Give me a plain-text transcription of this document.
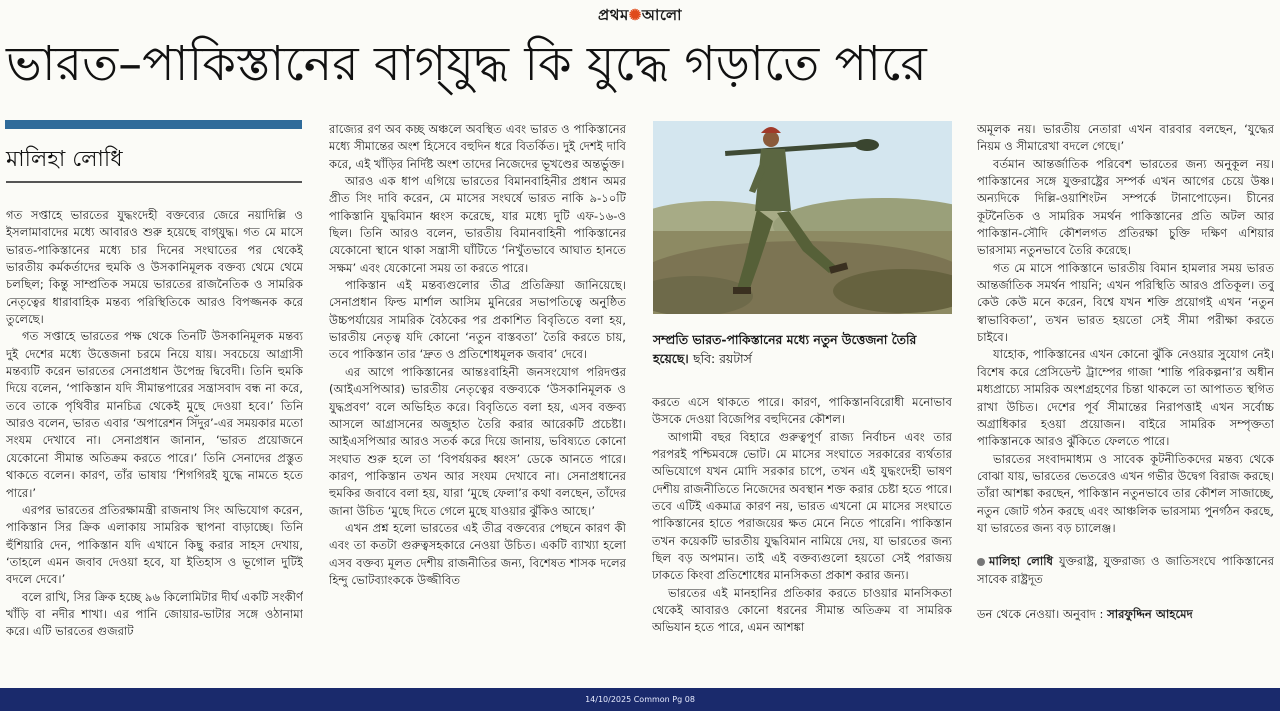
প্রথম✺আলো
ভারত–পাকিস্তানের বাগ্‌যুদ্ধ কি যুদ্ধে গড়াতে পারে
মালিহা লোধি

গত সপ্তাহে ভারতের যুদ্ধংদেহী বক্তব্যের জেরে নয়াদিল্লি ও ইসলামাবাদের মধ্যে আবারও শুরু হয়েছে বাগ্‌যুদ্ধ। গত মে মাসে ভারত-পাকিস্তানের মধ্যে চার দিনের সংঘাতের পর থেকেই ভারতীয় কর্মকর্তাদের হুমকি ও উসকানিমূলক বক্তব্য থেমে থেমে চলছিল; কিন্তু সাম্প্রতিক সময়ে ভারতের রাজনৈতিক ও সামরিক নেতৃত্বের ধারাবাহিক মন্তব্য পরিস্থিতিকে আরও বিপজ্জনক করে তুলেছে।

গত সপ্তাহে ভারতের পক্ষ থেকে তিনটি উসকানিমূলক মন্তব্য দুই দেশের মধ্যে উত্তেজনা চরমে নিয়ে যায়। সবচেয়ে আগ্রাসী মন্তব্যটি করেন ভারতের সেনাপ্রধান উপেন্দ্র দ্বিবেদী। তিনি হুমকি দিয়ে বলেন, ‘পাকিস্তান যদি সীমান্তপারের সন্ত্রাসবাদ বন্ধ না করে, তবে তাকে পৃথিবীর মানচিত্র থেকেই মুছে দেওয়া হবে।’ তিনি আরও বলেন, ভারত এবার ‘অপারেশন সিঁদুর’-এর সময়কার মতো সংযম দেখাবে না। সেনাপ্রধান জানান, ‘ভারত প্রয়োজনে যেকোনো সীমান্ত অতিক্রম করতে পারে।’ তিনি সেনাদের প্রস্তুত থাকতে বলেন। কারণ, তাঁর ভাষায় ‘শিগগিরই যুদ্ধে নামতে হতে পারে।’

এরপর ভারতের প্রতিরক্ষামন্ত্রী রাজনাথ সিং অভিযোগ করেন, পাকিস্তান সির ক্রিক এলাকায় সামরিক স্থাপনা বাড়াচ্ছে। তিনি হুঁশিয়ারি দেন, পাকিস্তান যদি এখানে কিছু করার সাহস দেখায়, ‘তাহলে এমন জবাব দেওয়া হবে, যা ইতিহাস ও ভূগোল দুটিই বদলে দেবে।’

বলে রাখি, সির ক্রিক হচ্ছে ৯৬ কিলোমিটার দীর্ঘ একটি সংকীর্ণ খাঁড়ি বা নদীর শাখা। এর পানি জোয়ার-ভাটার সঙ্গে ওঠানামা করে। এটি ভারতের গুজরাট

রাজ্যের রণ অব কচ্ছ অঞ্চলে অবস্থিত এবং ভারত ও পাকিস্তানের মধ্যে সীমান্তের অংশ হিসেবে বহুদিন ধরে বিতর্কিত। দুই দেশই দাবি করে, এই খাঁড়ির নির্দিষ্ট অংশ তাদের নিজেদের ভূখণ্ডের অন্তর্ভুক্ত।

আরও এক ধাপ এগিয়ে ভারতের বিমানবাহিনীর প্রধান অমর প্রীত সিং দাবি করেন, মে মাসের সংঘর্ষে ভারত নাকি ৯-১০টি পাকিস্তানি যুদ্ধবিমান ধ্বংস করেছে, যার মধ্যে দুটি এফ-১৬-ও ছিল। তিনি আরও বলেন, ভারতীয় বিমানবাহিনী পাকিস্তানের যেকোনো স্থানে থাকা সন্ত্রাসী ঘাঁটিতে ‘নিখুঁতভাবে আঘাত হানতে সক্ষম’ এবং যেকোনো সময় তা করতে পারে।

পাকিস্তান এই মন্তব্যগুলোর তীব্র প্রতিক্রিয়া জানিয়েছে। সেনাপ্রধান ফিল্ড মার্শাল আসিম মুনিরের সভাপতিত্বে অনুষ্ঠিত উচ্চপর্যায়ের সামরিক বৈঠকের পর প্রকাশিত বিবৃতিতে বলা হয়, ভারতীয় নেতৃত্ব যদি কোনো ‘নতুন বাস্তবতা’ তৈরি করতে চায়, তবে পাকিস্তান তার ‘দ্রুত ও প্রতিশোধমূলক জবাব’ দেবে।

এর আগে পাকিস্তানের আন্তঃবাহিনী জনসংযোগ পরিদপ্তর (আইএসপিআর) ভারতীয় নেতৃত্বের বক্তব্যকে ‘উসকানিমূলক ও যুদ্ধপ্রবণ’ বলে অভিহিত করে। বিবৃতিতে বলা হয়, এসব বক্তব্য আসলে আগ্রাসনের অজুহাত তৈরি করার আরেকটি প্রচেষ্টা। আইএসপিআর আরও সতর্ক করে দিয়ে জানায়, ভবিষ্যতে কোনো সংঘাত শুরু হলে তা ‘বিপর্যয়কর ধ্বংস’ ডেকে আনতে পারে। কারণ, পাকিস্তান তখন আর সংযম দেখাবে না। সেনাপ্রধানের হুমকির জবাবে বলা হয়, যারা ‘মুছে ফেলা’র কথা বলছেন, তাঁদের জানা উচিত ‘মুছে দিতে গেলে মুছে যাওয়ার ঝুঁকিও আছে।’

এখন প্রশ্ন হলো ভারতের এই তীব্র বক্তব্যের পেছনে কারণ কী এবং তা কতটা গুরুত্বসহকারে নেওয়া উচিত। একটি ব্যাখ্যা হলো এসব বক্তব্য মূলত দেশীয় রাজনীতির জন্য, বিশেষত শাসক দলের হিন্দু ভোটব্যাংককে উজ্জীবিত

সম্প্রতি ভারত-পাকিস্তানের মধ্যে নতুন উত্তেজনা তৈরি হয়েছে। ছবি: রয়টার্স

করতে এসে থাকতে পারে। কারণ, পাকিস্তানবিরোধী মনোভাব উসকে দেওয়া বিজেপির বহুদিনের কৌশল।

আগামী বছর বিহারে গুরুত্বপূর্ণ রাজ্য নির্বাচন এবং তার পরপরই পশ্চিমবঙ্গে ভোট। মে মাসের সংঘাতে সরকারের ব্যর্থতার অভিযোগে যখন মোদি সরকার চাপে, তখন এই যুদ্ধংদেহী ভাষণ দেশীয় রাজনীতিতে নিজেদের অবস্থান শক্ত করার চেষ্টা হতে পারে। তবে এটিই একমাত্র কারণ নয়, ভারত এখনো মে মাসের সংঘাতে পাকিস্তানের হাতে পরাজয়ের ক্ষত মেনে নিতে পারেনি। পাকিস্তান তখন কয়েকটি ভারতীয় যুদ্ধবিমান নামিয়ে দেয়, যা ভারতের জন্য ছিল বড় অপমান। তাই এই বক্তব্যগুলো হয়তো সেই পরাজয় ঢাকতে কিংবা প্রতিশোধের মানসিকতা প্রকাশ করার জন্য।

ভারতের এই মানহানির প্রতিকার করতে চাওয়ার মানসিকতা থেকেই আবারও কোনো ধরনের সীমান্ত অতিক্রম বা সামরিক অভিযান হতে পারে, এমন আশঙ্কা

অমূলক নয়। ভারতীয় নেতারা এখন বারবার বলছেন, ‘যুদ্ধের নিয়ম ও সীমারেখা বদলে গেছে।’

বর্তমান আন্তর্জাতিক পরিবেশ ভারতের জন্য অনুকূল নয়। পাকিস্তানের সঙ্গে যুক্তরাষ্ট্রের সম্পর্ক এখন আগের চেয়ে উষ্ণ। অন্যদিকে দিল্লি-ওয়াশিংটন সম্পর্কে টানাপোড়েন। চীনের কূটনৈতিক ও সামরিক সমর্থন পাকিস্তানের প্রতি অটল আর পাকিস্তান-সৌদি কৌশলগত প্রতিরক্ষা চুক্তি দক্ষিণ এশিয়ার ভারসাম্য নতুনভাবে তৈরি করেছে।

গত মে মাসে পাকিস্তানে ভারতীয় বিমান হামলার সময় ভারত আন্তর্জাতিক সমর্থন পায়নি; এখন পরিস্থিতি আরও প্রতিকূল। তবু কেউ কেউ মনে করেন, বিশ্বে যখন শক্তি প্রয়োগই এখন ‘নতুন স্বাভাবিকতা’, তখন ভারত হয়তো সেই সীমা পরীক্ষা করতে চাইবে।

যাহোক, পাকিস্তানের এখন কোনো ঝুঁকি নেওয়ার সুযোগ নেই। বিশেষ করে প্রেসিডেন্ট ট্রাম্পের গাজা ‘শান্তি পরিকল্পনা’র অধীন মধ্যপ্রাচ্যে সামরিক অংশগ্রহণের চিন্তা থাকলে তা আপাতত স্থগিত রাখা উচিত। দেশের পূর্ব সীমান্তের নিরাপত্তাই এখন সর্বোচ্চ অগ্রাধিকার হওয়া প্রয়োজন। বাইরে সামরিক সম্পৃক্ততা পাকিস্তানকে আরও ঝুঁকিতে ফেলতে পারে।

ভারতের সংবাদমাধ্যম ও সাবেক কূটনীতিকদের মন্তব্য থেকে বোঝা যায়, ভারতের ভেতরেও এখন গভীর উদ্বেগ বিরাজ করছে। তাঁরা আশঙ্কা করছেন, পাকিস্তান নতুনভাবে তার কৌশল সাজাচ্ছে, নতুন জোট গঠন করছে এবং আঞ্চলিক ভারসাম্য পুনর্গঠন করছে, যা ভারতের জন্য বড় চ্যালেঞ্জ।

মালিহা লোধি যুক্তরাষ্ট্র, যুক্তরাজ্য ও জাতিসংঘে পাকিস্তানের সাবেক রাষ্ট্রদূত

ডন থেকে নেওয়া। অনুবাদ : সারফুদ্দিন আহমেদ

14/10/2025 Common Pg 08
